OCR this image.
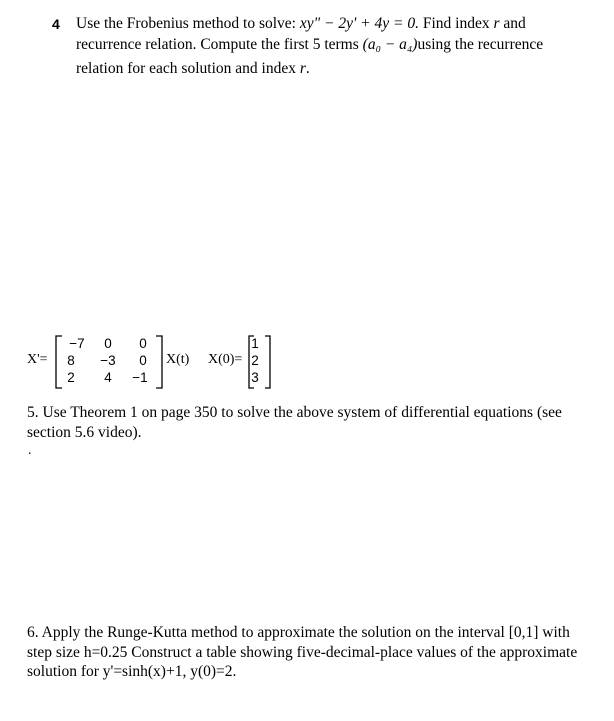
4 Use the Frobenius method to solve: xy" − 2y' + 4y = 0. Find index r and
recurrence relation. Compute the first 5 terms (a₀ − a₄)using the recurrence
relation for each solution and index r.
X'=
−7	0	0
8	−3	0
2	4	−1
X(t) X(0)=
1
2
3
5. Use Theorem 1 on page 350 to solve the above system of differential equations (see
section 5.6 video).
.
6. Apply the Runge-Kutta method to approximate the solution on the interval [0,1] with
step size h=0.25 Construct a table showing five-decimal-place values of the approximate
solution for y'=sinh(x)+1, y(0)=2.
